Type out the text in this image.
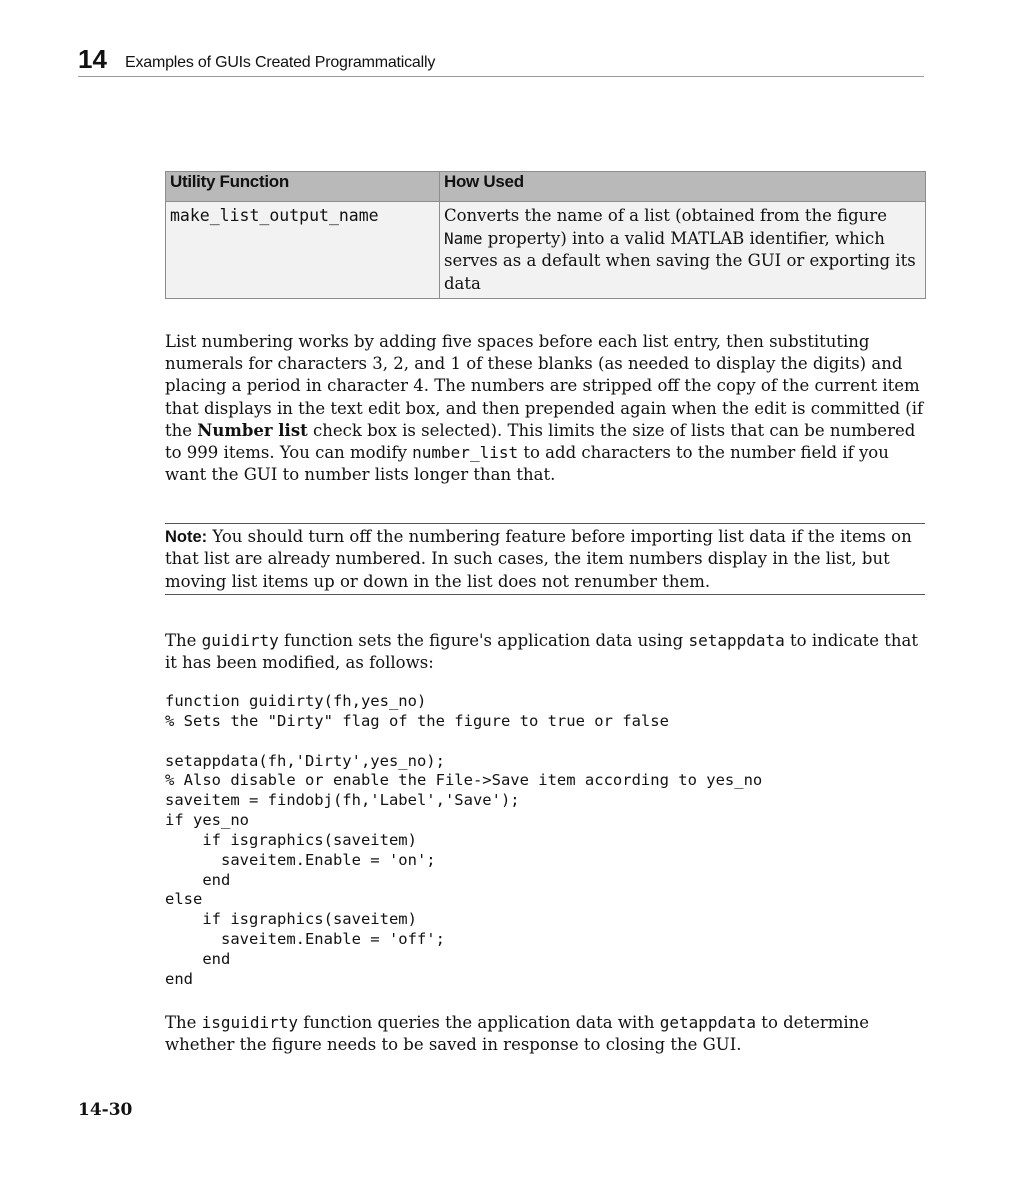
14 Examples of GUIs Created Programmatically
Utility Function	How Used
make_list_output_name	Converts the name of a list (obtained from the figure Name property) into a valid MATLAB identifier, which serves as a default when saving the GUI or exporting its data
List numbering works by adding five spaces before each list entry, then substituting numerals for characters 3, 2, and 1 of these blanks (as needed to display the digits) and placing a period in character 4. The numbers are stripped off the copy of the current item that displays in the text edit box, and then prepended again when the edit is committed (if the Number list check box is selected). This limits the size of lists that can be numbered to 999 items. You can modify number_list to add characters to the number field if you want the GUI to number lists longer than that.
Note: You should turn off the numbering feature before importing list data if the items on that list are already numbered. In such cases, the item numbers display in the list, but moving list items up or down in the list does not renumber them.
The guidirty function sets the figure's application data using setappdata to indicate that it has been modified, as follows:
function guidirty(fh,yes_no)
% Sets the "Dirty" flag of the figure to true or false

setappdata(fh,'Dirty',yes_no);
% Also disable or enable the File->Save item according to yes_no
saveitem = findobj(fh,'Label','Save');
if yes_no
if isgraphics(saveitem)
saveitem.Enable = 'on';
end
else
if isgraphics(saveitem)
saveitem.Enable = 'off';
end
end
The isguidirty function queries the application data with getappdata to determine whether the figure needs to be saved in response to closing the GUI.
14-30
